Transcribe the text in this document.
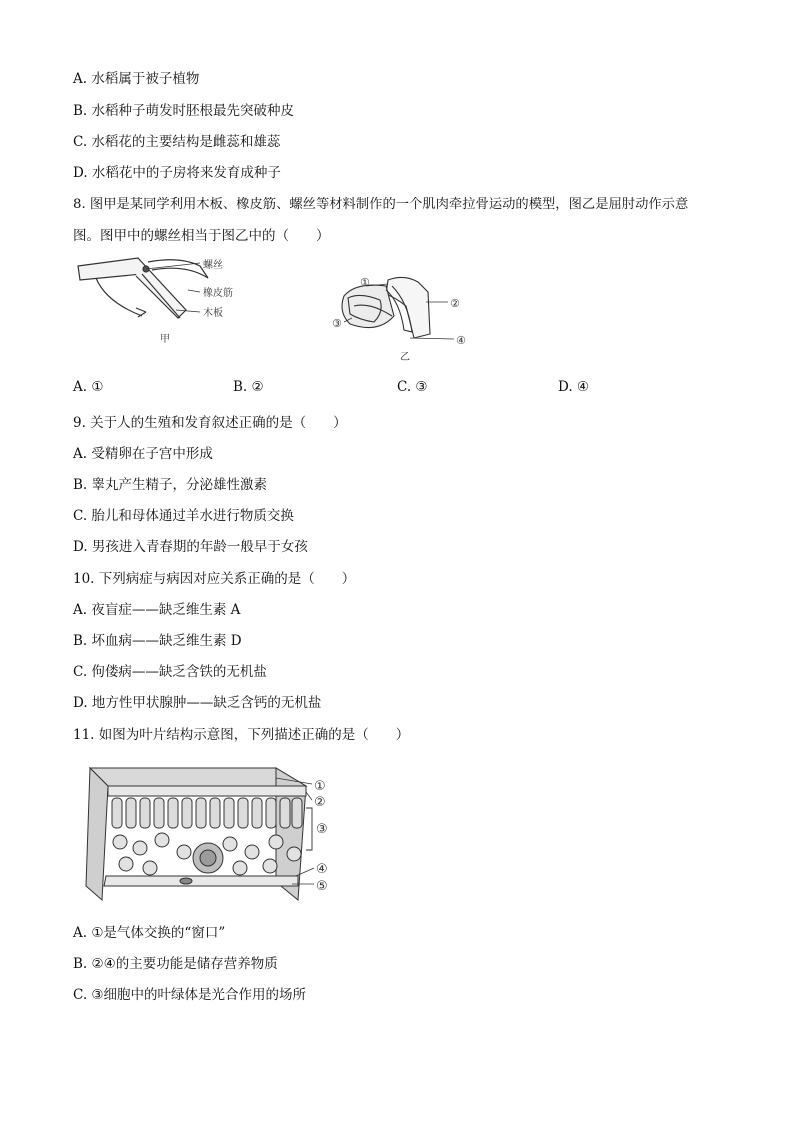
A. 水稻属于被子植物
B. 水稻种子萌发时胚根最先突破种皮
C. 水稻花的主要结构是雌蕊和雄蕊
D. 水稻花中的子房将来发育成种子
8. 图甲是某同学利用木板、橡皮筋、螺丝等材料制作的一个肌肉牵拉骨运动的模型，图乙是屈肘动作示意
图。图甲中的螺丝相当于图乙中的（　　）
螺丝
橡皮筋
木板
甲
①
②
③
④
乙
A. ①	B. ②	C. ③	D. ④
9. 关于人的生殖和发育叙述正确的是（　　）
A. 受精卵在子宫中形成
B. 睾丸产生精子，分泌雄性激素
C. 胎儿和母体通过羊水进行物质交换
D. 男孩进入青春期的年龄一般早于女孩
10. 下列病症与病因对应关系正确的是（　　）
A. 夜盲症——缺乏维生素 A
B. 坏血病——缺乏维生素 D
C. 佝偻病——缺乏含铁的无机盐
D. 地方性甲状腺肿——缺乏含钙的无机盐
11. 如图为叶片结构示意图，下列描述正确的是（　　）
①
②
③
④
⑤
A. ①是气体交换的“窗口”
B. ②④的主要功能是储存营养物质
C. ③细胞中的叶绿体是光合作用的场所
